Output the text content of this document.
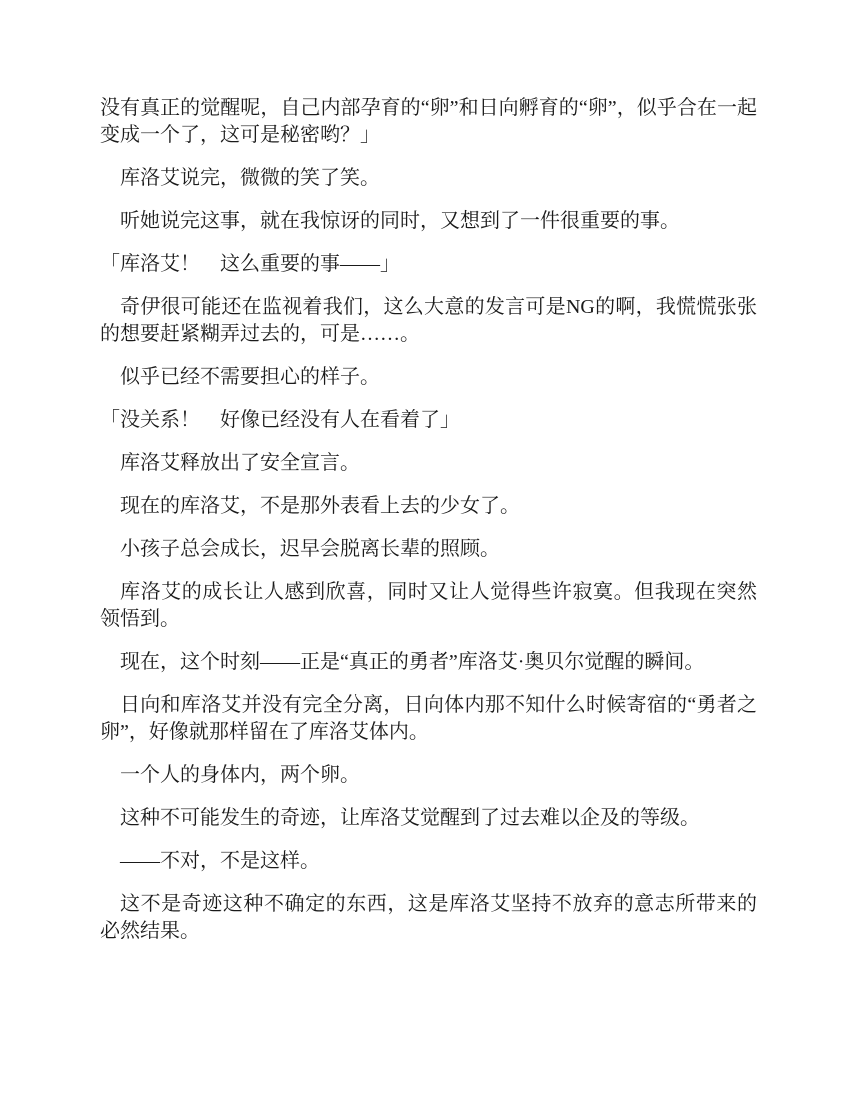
没有真正的觉醒呢，自己内部孕育的“卵”和日向孵育的“卵”，似乎合在一起变成一个了，这可是秘密哟？」

库洛艾说完，微微的笑了笑。

听她说完这事，就在我惊讶的同时，又想到了一件很重要的事。

「库洛艾！　这么重要的事——」

奇伊很可能还在监视着我们，这么大意的发言可是NG的啊，我慌慌张张的想要赶紧糊弄过去的，可是……。

似乎已经不需要担心的样子。

「没关系！　好像已经没有人在看着了」

库洛艾释放出了安全宣言。

现在的库洛艾，不是那外表看上去的少女了。

小孩子总会成长，迟早会脱离长辈的照顾。

库洛艾的成长让人感到欣喜，同时又让人觉得些许寂寞。但我现在突然领悟到。

现在，这个时刻——正是“真正的勇者”库洛艾·奥贝尔觉醒的瞬间。

日向和库洛艾并没有完全分离，日向体内那不知什么时候寄宿的“勇者之卵”，好像就那样留在了库洛艾体内。

一个人的身体内，两个卵。

这种不可能发生的奇迹，让库洛艾觉醒到了过去难以企及的等级。

——不对，不是这样。

这不是奇迹这种不确定的东西，这是库洛艾坚持不放弃的意志所带来的必然结果。
